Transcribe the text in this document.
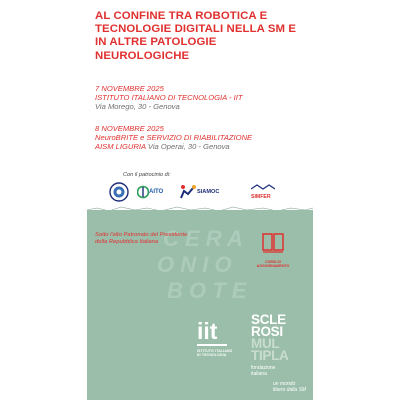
AL CONFINE TRA ROBOTICA E TECNOLOGIE DIGITALI NELLA SM E IN ALTRE PATOLOGIE NEUROLOGICHE
7 NOVEMBRE 2025
ISTITUTO ITALIANO DI TECNOLOGIA - IIT
Via Morego, 30 - Genova
8 NOVEMBRE 2025
NeuroBRITE e SERVIZIO DI RIABILITAZIONE
AISM LIGURIA Via Operai, 30 - Genova
Con il patrocinio di:
AITO	SIAMOC
SIMFER
C E R A
O N I O
B O T E
Sotto l'alto Patronato del Presidente della Repubblica Italiana
CORSI DI AGGIORNAMENTO
iit
ISTITUTO ITALIANO DI TECNOLOGIA
SCLE
ROSI
MUL
TIPLA
fondazione
italiana
un mondo
libero dalla SM
